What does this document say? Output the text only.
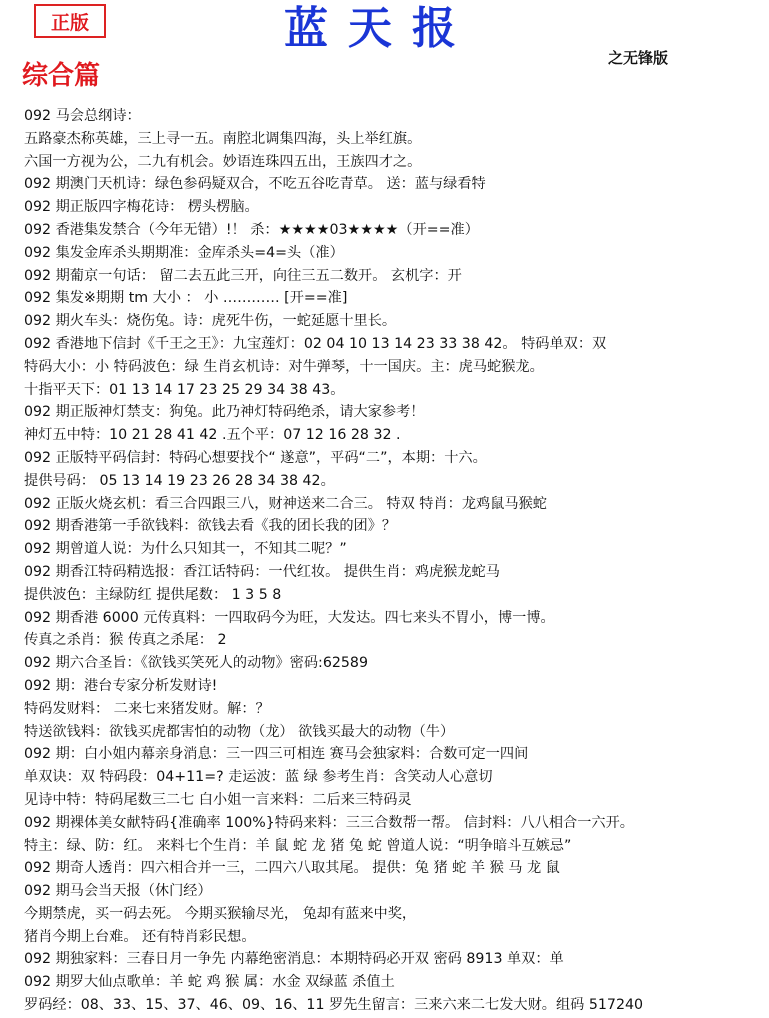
正版	蓝天报
之无锋版
综合篇
092 马会总纲诗：
五路豪杰称英雄，三上寻一五。南腔北调集四海，头上举红旗。
六国一方视为公，二九有机会。妙语连珠四五出，王族四才之。
092 期澳门天机诗：绿色参码疑双合，不吃五谷吃青草。 送：蓝与绿看特
092 期正版四字梅花诗： 楞头楞脑。
092 香港集发禁合（今年无错）!！ 杀：★★★★03★★★★（开==准）
092 集发金库杀头期期准：金库杀头=4=头（准）
092 期葡京一句话： 留二去五此三开，向往三五二数开。 玄机字：开
092 集发※期期 tm 大小 ： 小 ………… [开==准]
092 期火车头：烧伤兔。诗：虎死牛伤，一蛇延愿十里长。
092 香港地下信封《千王之王》：九宝莲灯：02 04 10 13 14 23 33 38 42。 特码单双：双
特码大小：小 特码波色：绿 生肖玄机诗：对牛弹琴，十一国庆。主：虎马蛇猴龙。
十指平天下：01 13 14 17 23 25 29 34 38 43。
092 期正版神灯禁支：狗兔。此乃神灯特码绝杀，请大家参考！
神灯五中特：10 21 28 41 42 .五个平：07 12 16 28 32 .
092 正版特平码信封：特码心想要找个“ 遂意”，平码“二”，本期：十六。
提供号码： 05 13 14 19 23 26 28 34 38 42。
092 正版火烧玄机：看三合四跟三八，财神送来二合三。 特双 特肖：龙鸡鼠马猴蛇
092 期香港第一手欲钱料：欲钱去看《我的团长我的团》？
092 期曾道人说：为什么只知其一，不知其二呢？”
092 期香江特码精选报：香江话特码：一代红妆。 提供生肖：鸡虎猴龙蛇马
提供波色：主绿防红 提供尾数： 1 3 5 8
092 期香港 6000 元传真料：一四取码今为旺，大发达。四七来头不胃小，博一博。
传真之杀肖：猴 传真之杀尾： 2
092 期六合圣旨：《欲钱买笑死人的动物》密码:62589
092 期：港台专家分析发财诗!
特码发财料： 二来七来猪发财。解：？
特送欲钱料：欲钱买虎都害怕的动物（龙） 欲钱买最大的动物（牛）
092 期：白小姐内幕亲身消息：三一四三可相连 赛马会独家料：合数可定一四间
单双诀：双 特码段：04+11=? 走运波：蓝 绿 参考生肖：含笑动人心意切
见诗中特：特码尾数三二七 白小姐一言来料：二后来三特码灵
092 期裸体美女献特码{准确率 100%}特码来料：三三合数帮一帮。 信封料：八八相合一六开。
特主：绿、防：红。 来料七个生肖：羊 鼠 蛇 龙 猪 兔 蛇 曾道人说：“明争暗斗互嫉忌”
092 期奇人透肖：四六相合并一三，二四六八取其尾。 提供：兔 猪 蛇 羊 猴 马 龙 鼠
092 期马会当天报（休门经）
今期禁虎，买一码去死。 今期买猴输尽光， 兔却有蓝来中奖，
猪肖今期上台难。 还有特肖彩民想。
092 期独家料：三春日月一争先 内幕绝密消息：本期特码必开双 密码 8913 单双：单
092 期罗大仙点歌单：羊 蛇 鸡 猴 属：水金 双绿蓝 杀值土
罗码经：08、33、15、37、46、09、16、11 罗先生留言：三来六来二七发大财。组码 517240
